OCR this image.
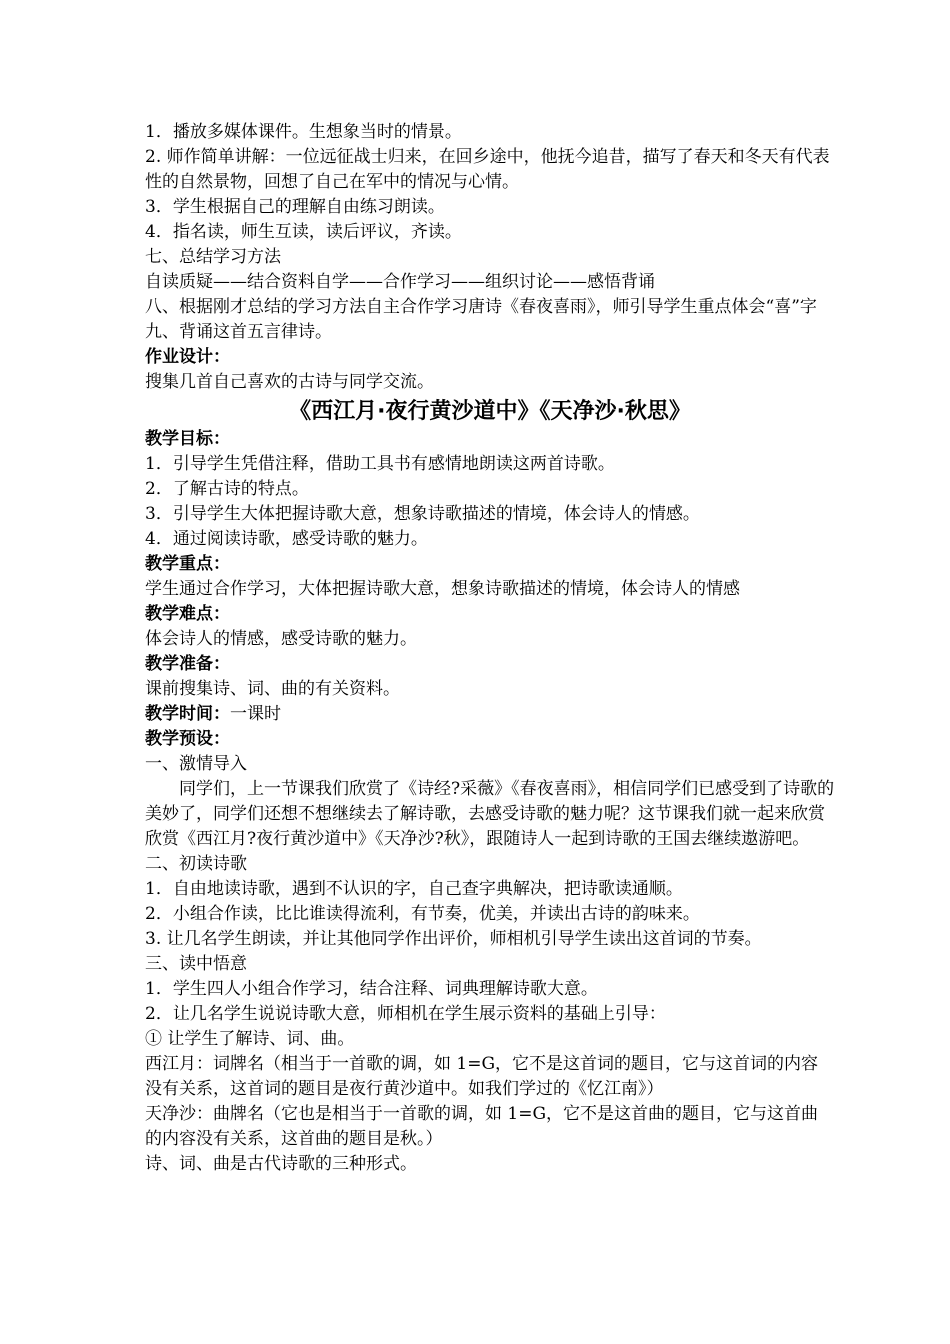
1．播放多媒体课件。生想象当时的情景。

2. 师作简单讲解：一位远征战士归来，在回乡途中，他抚今追昔，描写了春天和冬天有代表性的自然景物，回想了自己在军中的情况与心情。

3．学生根据自己的理解自由练习朗读。

4．指名读，师生互读，读后评议，齐读。

七、总结学习方法

自读质疑——结合资料自学——合作学习——组织讨论——感悟背诵

八、根据刚才总结的学习方法自主合作学习唐诗《春夜喜雨》，师引导学生重点体会“喜”字

九、背诵这首五言律诗。

作业设计：

搜集几首自己喜欢的古诗与同学交流。

《西江月·夜行黄沙道中》《天净沙·秋思》

教学目标：

1．引导学生凭借注释，借助工具书有感情地朗读这两首诗歌。

2．了解古诗的特点。

3．引导学生大体把握诗歌大意，想象诗歌描述的情境，体会诗人的情感。

4．通过阅读诗歌，感受诗歌的魅力。

教学重点：

学生通过合作学习，大体把握诗歌大意，想象诗歌描述的情境，体会诗人的情感

教学难点：

体会诗人的情感，感受诗歌的魅力。

教学准备：

课前搜集诗、词、曲的有关资料。

教学时间：一课时

教学预设：

一、激情导入

同学们，上一节课我们欣赏了《诗经?采薇》《春夜喜雨》，相信同学们已感受到了诗歌的美妙了，同学们还想不想继续去了解诗歌，去感受诗歌的魅力呢？这节课我们就一起来欣赏欣赏《西江月?夜行黄沙道中》《天净沙?秋》，跟随诗人一起到诗歌的王国去继续遨游吧。

二、初读诗歌

1．自由地读诗歌，遇到不认识的字，自己查字典解决，把诗歌读通顺。

2．小组合作读，比比谁读得流利，有节奏，优美，并读出古诗的韵味来。

3. 让几名学生朗读，并让其他同学作出评价，师相机引导学生读出这首词的节奏。

三、读中悟意

1．学生四人小组合作学习，结合注释、词典理解诗歌大意。

2．让几名学生说说诗歌大意，师相机在学生展示资料的基础上引导：

① 让学生了解诗、词、曲。

西江月：词牌名（相当于一首歌的调，如 1=G，它不是这首词的题目，它与这首词的内容没有关系，这首词的题目是夜行黄沙道中。如我们学过的《忆江南》）

天净沙：曲牌名（它也是相当于一首歌的调，如 1=G，它不是这首曲的题目，它与这首曲的内容没有关系，这首曲的题目是秋。）

诗、词、曲是古代诗歌的三种形式。
